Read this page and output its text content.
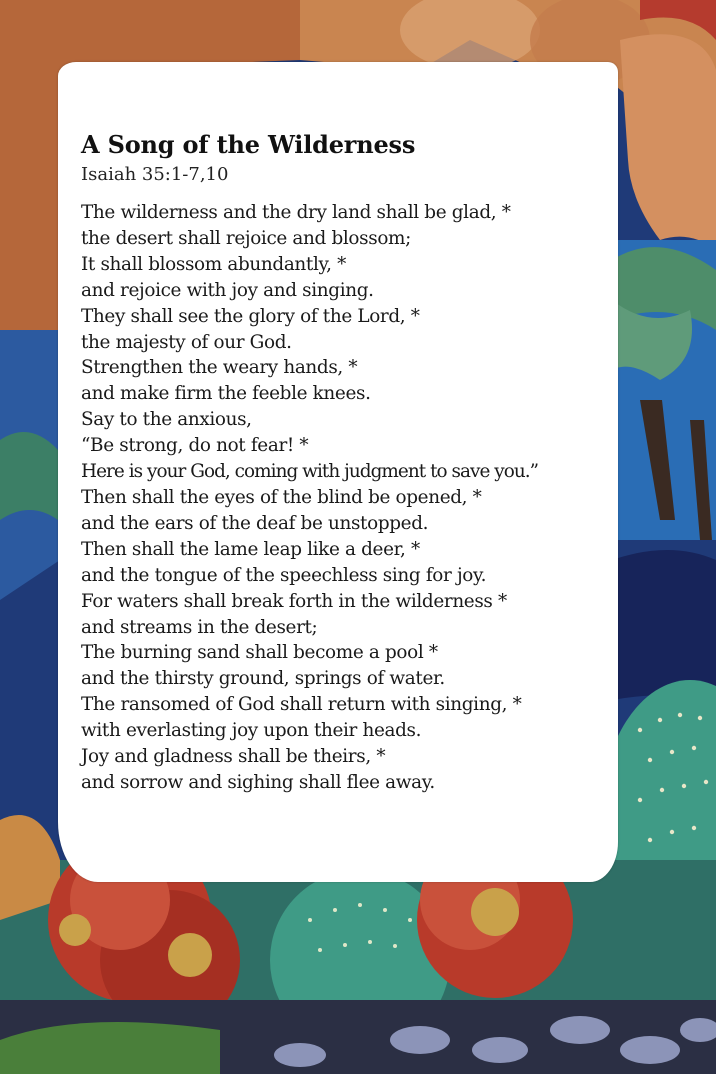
A Song of the Wilderness

Isaiah 35:1-7,10

The wilderness and the dry land shall be glad, *
the desert shall rejoice and blossom;
It shall blossom abundantly, *
and rejoice with joy and singing.
They shall see the glory of the Lord, *
the majesty of our God.
Strengthen the weary hands, *
and make firm the feeble knees.
Say to the anxious,
“Be strong, do not fear! *
Here is your God, coming with judgment to save you.”
Then shall the eyes of the blind be opened, *
and the ears of the deaf be unstopped.
Then shall the lame leap like a deer, *
and the tongue of the speechless sing for joy.
For waters shall break forth in the wilderness *
and streams in the desert;
The burning sand shall become a pool *
and the thirsty ground, springs of water.
The ransomed of God shall return with singing, *
with everlasting joy upon their heads.
Joy and gladness shall be theirs, *
and sorrow and sighing shall flee away.
